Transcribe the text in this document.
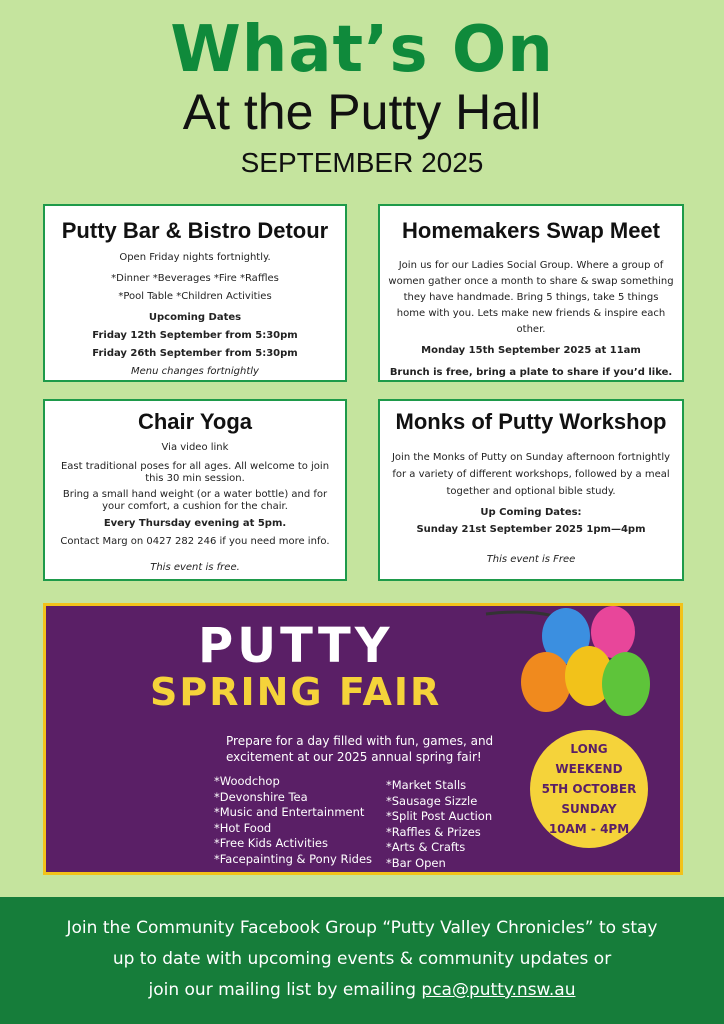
What’s On
At the Putty Hall
SEPTEMBER 2025
Putty Bar & Bistro Detour

Open Friday nights fortnightly.

*Dinner *Beverages *Fire *Raffles

*Pool Table *Children Activities

Upcoming Dates

Friday 12th September from 5:30pm

Friday 26th September from 5:30pm

Menu changes fortnightly

Homemakers Swap Meet

Join us for our Ladies Social Group. Where a group of women gather once a month to share & swap something they have handmade. Bring 5 things, take 5 things home with you. Lets make new friends & inspire each other.

Monday 15th September 2025 at 11am

Brunch is free, bring a plate to share if you’d like.

Chair Yoga

Via video link

East traditional poses for all ages. All welcome to join this 30 min session.

Bring a small hand weight (or a water bottle) and for your comfort, a cushion for the chair.

Every Thursday evening at 5pm.

Contact Marg on 0427 282 246 if you need more info.

This event is free.

Monks of Putty Workshop

Join the Monks of Putty on Sunday afternoon fortnightly for a variety of different workshops, followed by a meal together and optional bible study.

Up Coming Dates:

Sunday 21st September 2025 1pm—4pm

This event is Free

PUTTY
SPRING FAIR
Prepare for a day filled with fun, games, and excitement at our 2025 annual spring fair!
*Woodchop
*Devonshire Tea
*Music and Entertainment
*Hot Food
*Free Kids Activities
*Facepainting & Pony Rides
*Market Stalls
*Sausage Sizzle
*Split Post Auction
*Raffles & Prizes
*Arts & Crafts
*Bar Open
LONG
WEEKEND
5TH OCTOBER
SUNDAY
10AM - 4PM
Join the Community Facebook Group “Putty Valley Chronicles” to stay
up to date with upcoming events & community updates or
join our mailing list by emailing pca@putty.nsw.au
